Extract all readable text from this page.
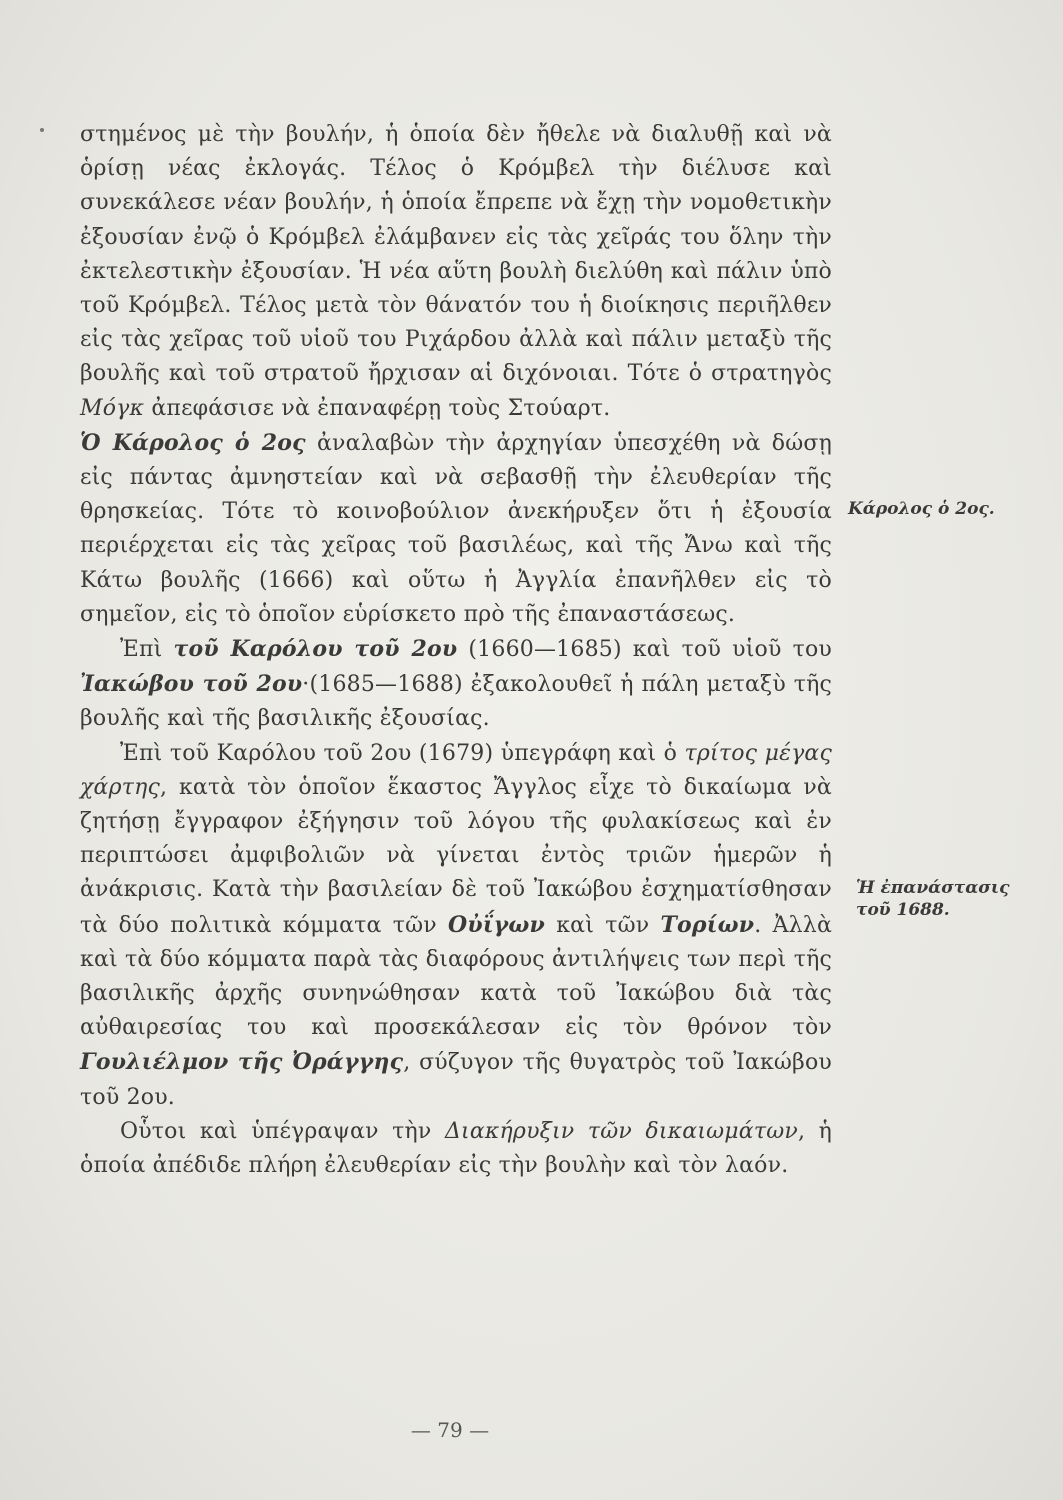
στημένος μὲ τὴν βουλήν, ἡ ὁποία δὲν ἤθελε νὰ διαλυθῇ καὶ νὰ ὁρίσῃ νέας ἐκλογάς. Τέλος ὁ Κρόμβελ τὴν διέλυσε καὶ συνεκάλεσε νέαν βουλήν, ἡ ὁποία ἔπρεπε νὰ ἔχῃ τὴν νομοθετικὴν ἐξουσίαν ἐνῷ ὁ Κρόμβελ ἐλάμβανεν εἰς τὰς χεῖράς του ὅλην τὴν ἐκτελεστικὴν ἐξουσίαν. Ἡ νέα αὕτη βουλὴ διελύθη καὶ πάλιν ὑπὸ τοῦ Κρόμβελ. Τέλος μετὰ τὸν θάνατόν του ἡ διοίκησις περιῆλθεν εἰς τὰς χεῖρας τοῦ υἱοῦ του Ριχάρδου ἀλλὰ καὶ πάλιν μεταξὺ τῆς βουλῆς καὶ τοῦ στρατοῦ ἤρχισαν αἱ διχόνοιαι. Τότε ὁ στρατηγὸς Μόγκ ἀπεφάσισε νὰ ἐπαναφέρῃ τοὺς Στούαρτ.

Ὁ Κάρολος ὁ 2ος ἀναλαβὼν τὴν ἀρχηγίαν ὑπεσχέθη νὰ δώσῃ εἰς πάντας ἀμνηστείαν καὶ νὰ σεβασθῇ τὴν ἐλευθερίαν τῆς θρησκείας. Τότε τὸ κοινοβούλιον ἀνεκήρυξεν ὅτι ἡ ἐξουσία περιέρχεται εἰς τὰς χεῖρας τοῦ βασιλέως, καὶ τῆς Ἄνω καὶ τῆς Κάτω βουλῆς (1666) καὶ οὕτω ἡ Ἀγγλία ἐπανῆλθεν εἰς τὸ σημεῖον, εἰς τὸ ὁποῖον εὑρίσκετο πρὸ τῆς ἐπαναστάσεως.

Ἐπὶ τοῦ Καρόλου τοῦ 2ου (1660—1685) καὶ τοῦ υἱοῦ του Ἰακώβου τοῦ 2ου·(1685—1688) ἐξακολουθεῖ ἡ πάλη μεταξὺ τῆς βουλῆς καὶ τῆς βασιλικῆς ἐξουσίας.

Ἐπὶ τοῦ Καρόλου τοῦ 2ου (1679) ὑπεγράφη καὶ ὁ τρίτος μέγας χάρτης, κατὰ τὸν ὁποῖον ἕκαστος Ἄγγλος εἶχε τὸ δικαίωμα νὰ ζητήσῃ ἔγγραφον ἐξήγησιν τοῦ λόγου τῆς φυλακίσεως καὶ ἐν περιπτώσει ἀμφιβολιῶν νὰ γίνεται ἐντὸς τριῶν ἡμερῶν ἡ ἀνάκρισις. Κατὰ τὴν βασιλείαν δὲ τοῦ Ἰακώβου ἐσχηματίσθησαν τὰ δύο πολιτικὰ κόμματα τῶν Οὐΐγων καὶ τῶν Τορίων. Ἀλλὰ καὶ τὰ δύο κόμματα παρὰ τὰς διαφόρους ἀντιλήψεις των περὶ τῆς βασιλικῆς ἀρχῆς συνηνώθησαν κατὰ τοῦ Ἰακώβου διὰ τὰς αὐθαιρεσίας του καὶ προσεκάλεσαν εἰς τὸν θρόνον τὸν Γουλιέλμον τῆς Ὀράγγης, σύζυγον τῆς θυγατρὸς τοῦ Ἰακώβου τοῦ 2ου.

Οὗτοι καὶ ὑπέγραψαν τὴν Διακήρυξιν τῶν δικαιωμάτων, ἡ ὁποία ἀπέδιδε πλήρη ἐλευθερίαν εἰς τὴν βουλὴν καὶ τὸν λαόν.

Κάρολος ὁ 2ος.
Ἡ ἐπανάστασις τοῦ 1688.
— 79 —
